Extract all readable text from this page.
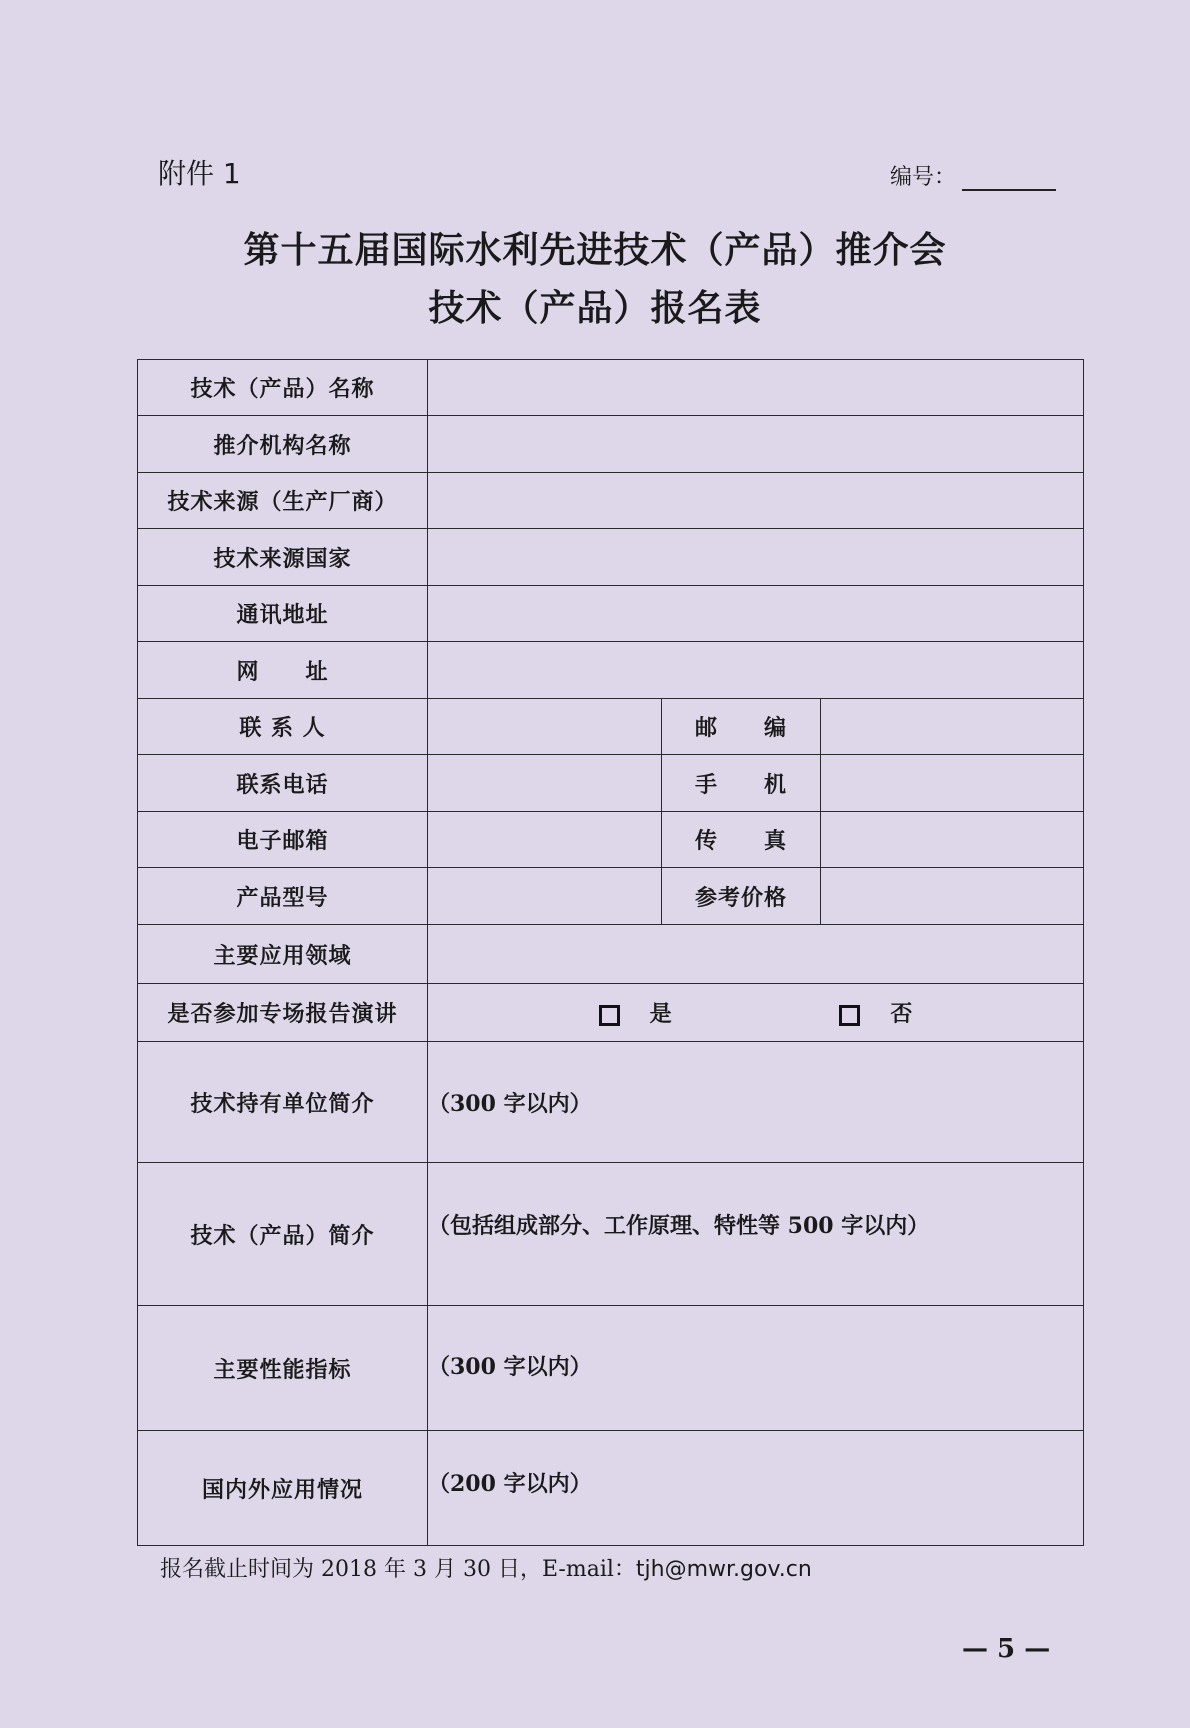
附件 1	编号：
第十五届国际水利先进技术（产品）推介会
技术（产品）报名表
技术（产品）名称			
推介机构名称			
技术来源（生产厂商）			
技术来源国家			
通讯地址			
网　　址			
联 系 人		邮　　编	
联系电话		手　　机	
电子邮箱		传　　真	
产品型号		参考价格	
主要应用领域			
是否参加专场报告演讲	是 否		
技术持有单位简介	（300 字以内）		
技术（产品）简介	（包括组成部分、工作原理、特性等 500 字以内）		
主要性能指标	（300 字以内）		
国内外应用情况	（200 字以内）		
报名截止时间为 2018 年 3 月 30 日，E-mail：tjh@mwr.gov.cn
— 5 —
